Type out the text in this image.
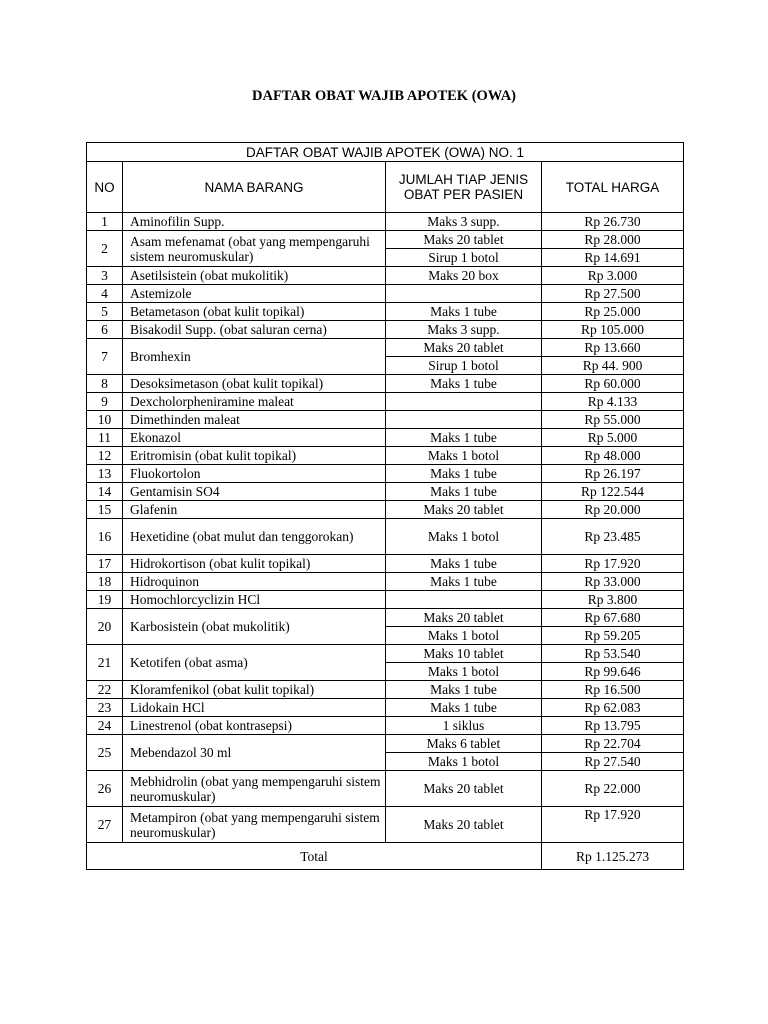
DAFTAR OBAT WAJIB APOTEK (OWA)
DAFTAR OBAT WAJIB APOTEK (OWA) NO. 1			
NO	NAMA BARANG	JUMLAH TIAP JENIS OBAT PER PASIEN	TOTAL HARGA
1	Aminofilin Supp.	Maks 3 supp.	Rp 26.730
2	Asam mefenamat (obat yang mempengaruhi sistem neuromuskular)	Maks 20 tablet	Rp 28.000
		Sirup 1 botol	Rp 14.691
3	Asetilsistein (obat mukolitik)	Maks 20 box	Rp 3.000
4	Astemizole		Rp 27.500
5	Betametason (obat kulit topikal)	Maks 1 tube	Rp 25.000
6	Bisakodil Supp. (obat saluran cerna)	Maks 3 supp.	Rp 105.000
7	Bromhexin	Maks 20 tablet	Rp 13.660
		Sirup 1 botol	Rp 44. 900
8	Desoksimetason (obat kulit topikal)	Maks 1 tube	Rp 60.000
9	Dexcholorpheniramine maleat		Rp 4.133
10	Dimethinden maleat		Rp 55.000
11	Ekonazol	Maks 1 tube	Rp 5.000
12	Eritromisin (obat kulit topikal)	Maks 1 botol	Rp 48.000
13	Fluokortolon	Maks 1 tube	Rp 26.197
14	Gentamisin SO4	Maks 1 tube	Rp 122.544
15	Glafenin	Maks 20 tablet	Rp 20.000
16	Hexetidine (obat mulut dan tenggorokan)	Maks 1 botol	Rp 23.485
17	Hidrokortison (obat kulit topikal)	Maks 1 tube	Rp 17.920
18	Hidroquinon	Maks 1 tube	Rp 33.000
19	Homochlorcyclizin HCl		Rp 3.800
20	Karbosistein (obat mukolitik)	Maks 20 tablet	Rp 67.680
		Maks 1 botol	Rp 59.205
21	Ketotifen (obat asma)	Maks 10 tablet	Rp 53.540
		Maks 1 botol	Rp 99.646
22	Kloramfenikol (obat kulit topikal)	Maks 1 tube	Rp 16.500
23	Lidokain HCl	Maks 1 tube	Rp 62.083
24	Linestrenol (obat kontrasepsi)	1 siklus	Rp 13.795
25	Mebendazol 30 ml	Maks 6 tablet	Rp 22.704
		Maks 1 botol	Rp 27.540
26	Mebhidrolin (obat yang mempengaruhi sistem neuromuskular)	Maks 20 tablet	Rp 22.000
27	Metampiron (obat yang mempengaruhi sistem neuromuskular)	Maks 20 tablet	Rp 17.920
Total			Rp 1.125.273
